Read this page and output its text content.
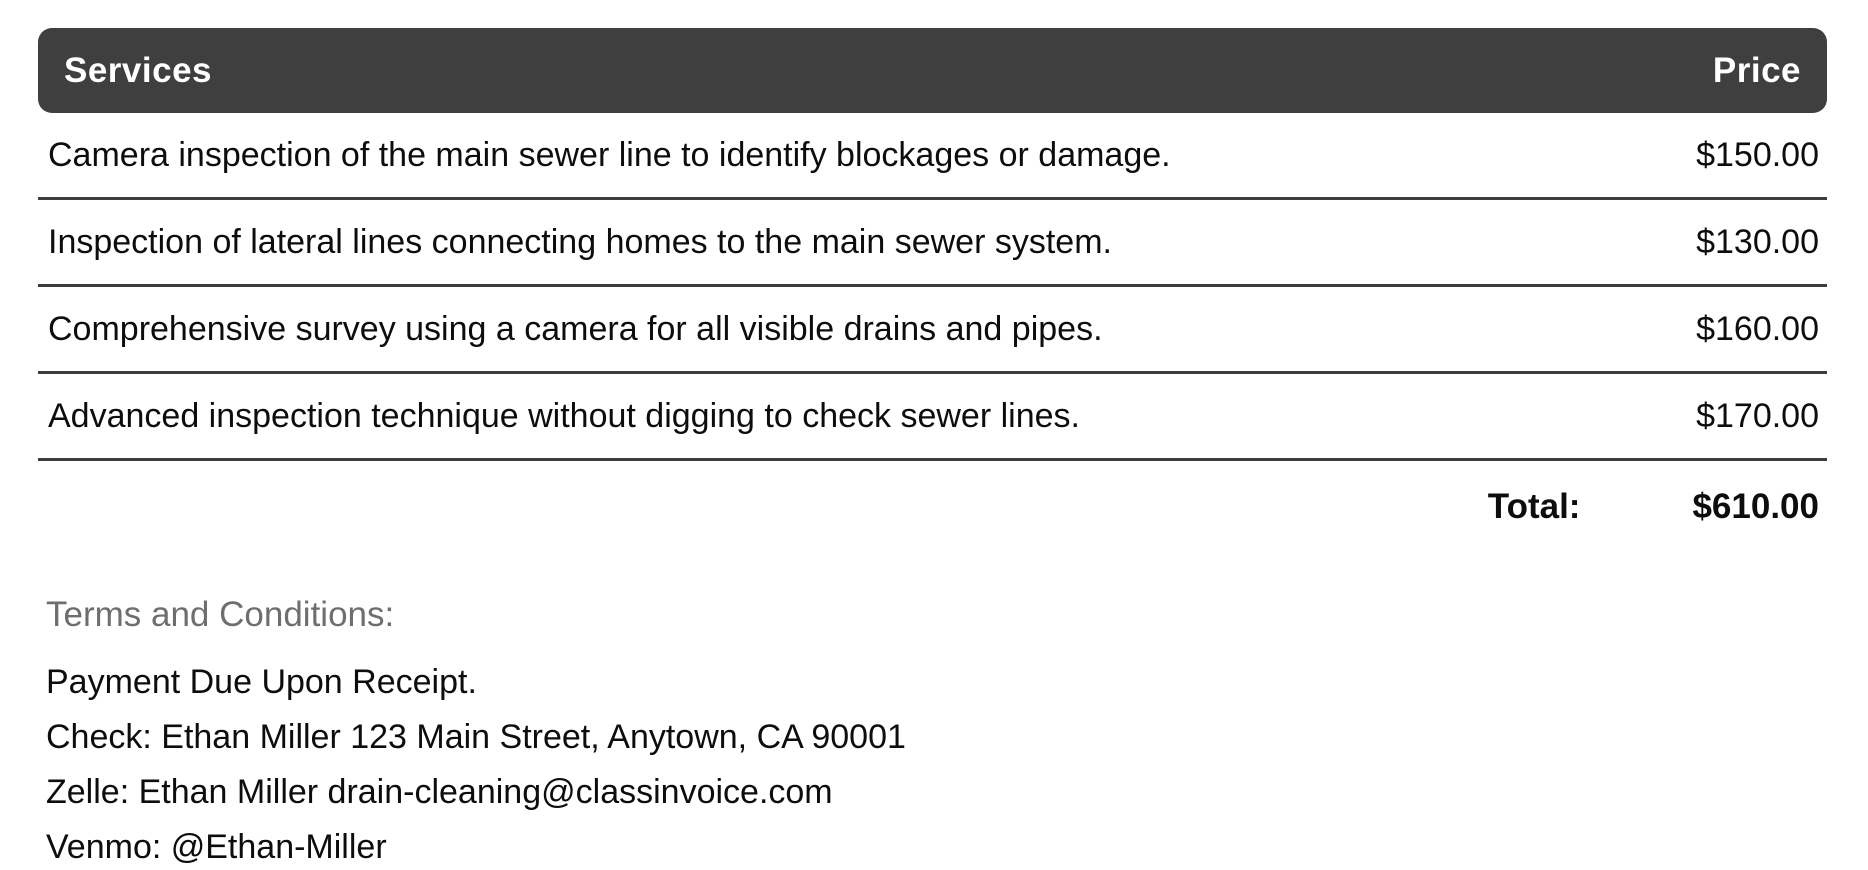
Services	Price
Camera inspection of the main sewer line to identify blockages or damage.	$150.00
Inspection of lateral lines connecting homes to the main sewer system.	$130.00
Comprehensive survey using a camera for all visible drains and pipes.	$160.00
Advanced inspection technique without digging to check sewer lines.	$170.00
Total:	$610.00
Terms and Conditions:
Payment Due Upon Receipt.
Check: Ethan Miller 123 Main Street, Anytown, CA 90001
Zelle: Ethan Miller drain-cleaning@classinvoice.com
Venmo: @Ethan-Miller
